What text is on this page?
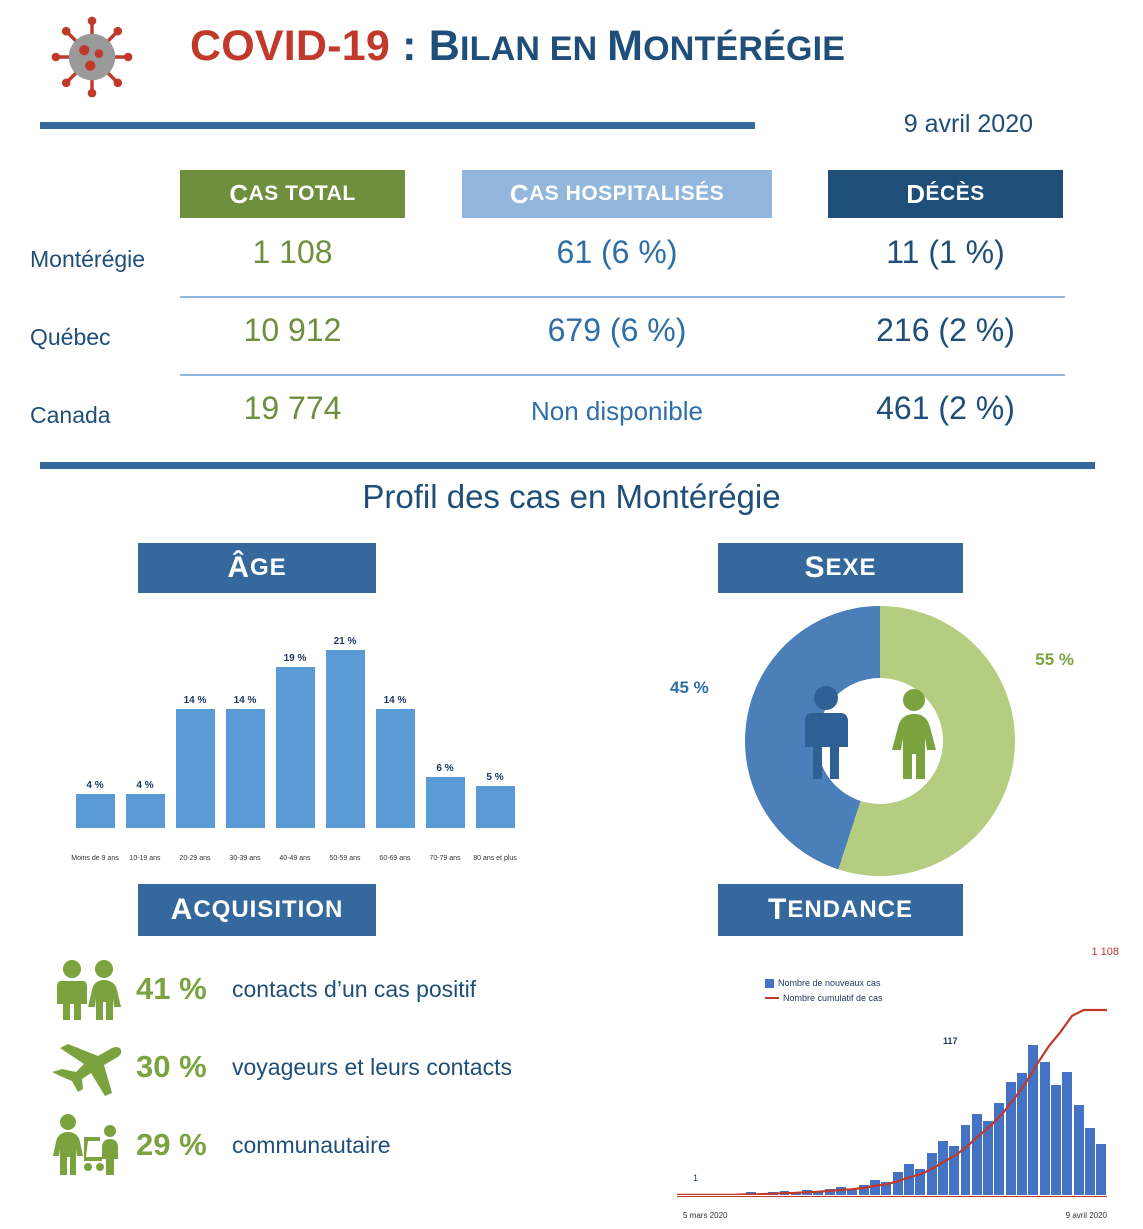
COVID-19 : BILAN EN MONTÉRÉGIE
9 avril 2020
C AS TOTAL	C AS HOSPITALISÉS	D ÉCÈS
Montérégie	1 108	61 (6 %)	11 (1 %)
Québec	10 912	679 (6 %)	216 (2 %)
Canada	19 774	Non disponible	461 (2 %)
Profil des cas en Montérégie
Â GE	S EXE
A CQUISITION	T ENDANCE
4 %	4 %
14 %	14 %
19 %
21 %
14 %
6 %
5 %
Moins de 9 ans	10-19 ans	20-29 ans	30-39 ans	40-49 ans	50-59 ans	60-69 ans	70-79 ans	80 ans et plus
45 %
55 %
41 %	contacts d’un cas positif
30 %	voyageurs et leurs contacts
29 %	communautaire
Nombre de nouveaux cas
Nombre cumulatif de cas
1
117
1 108
5 mars 2020	9 avril 2020
